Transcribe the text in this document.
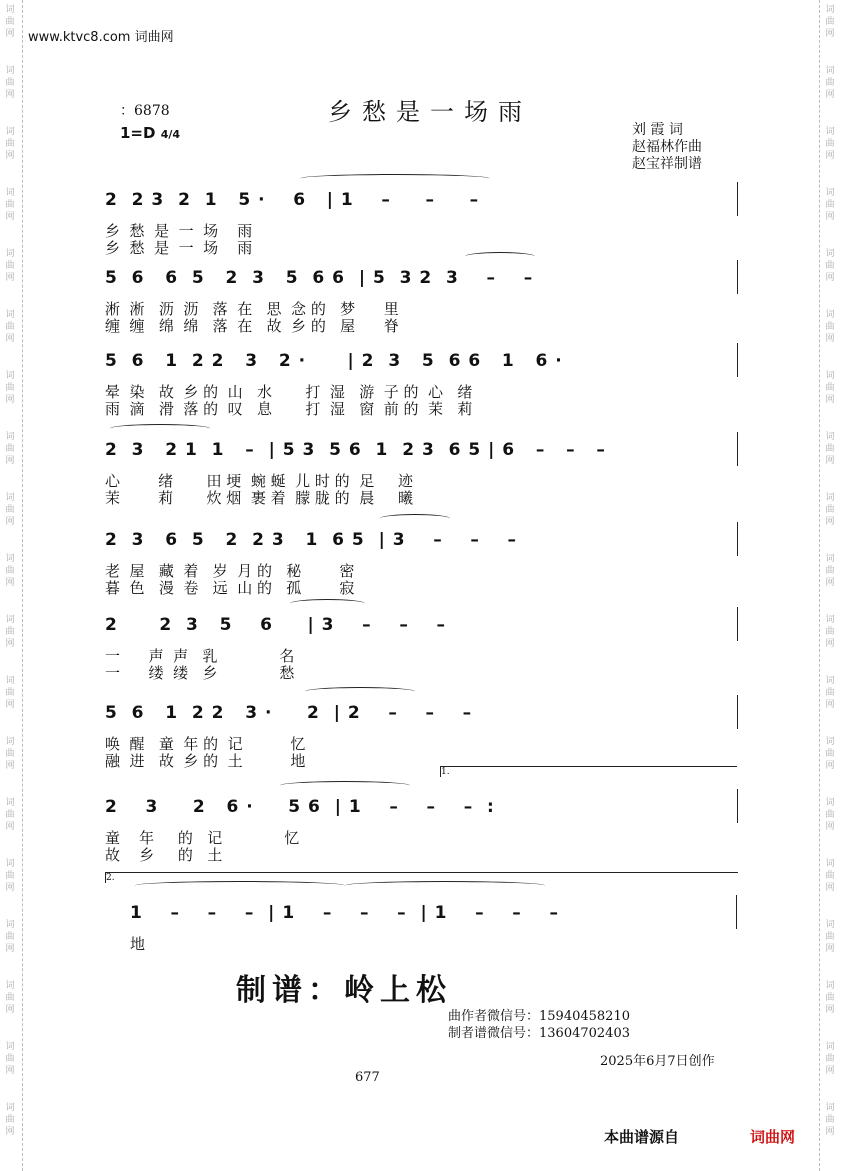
词
曲
网
词
曲
网
词
曲
网
词
曲
网
词
曲
网
词
曲
网
词
曲
网
词
曲
网
词
曲
网
词
曲
网
词
曲
网
词
曲
网
词
曲
网
词
曲
网
词
曲
网
词
曲
网
词
曲
网
词
曲
网
词
曲
网
词
曲
网
词
曲
网
词
曲
网
词
曲
网
词
曲
网
词
曲
网
词
曲
网
词
曲
网
词
曲
网
词
曲
网
词
曲
网
词
曲
网
词
曲
网
词
曲
网
词
曲
网
词
曲
网
词
曲
网
词
曲
网
词
曲
网
www.ktvc8.com 词曲网
乡愁是一场雨
：6878
1=D 4/4	刘 霞 词
赵福林作曲
赵宝祥制谱
2  2 3  2  1   5 ·    6   | 1    –     –     –
乡  愁  是  一  场    雨
乡  愁  是  一  场    雨
5  6   6  5   2  3   5  6 6  | 5  3 2  3    –    –
淅  淅   沥  沥   落  在   思  念 的   梦      里
缠  缠   绵  绵   落  在   故  乡 的   屋      脊
5  6   1  2 2   3   2 ·      | 2  3   5  6 6   1   6 ·
晕  染   故  乡 的  山   水       打  湿   游  子 的  心   绪
雨  滴   滑  落 的  叹   息       打  湿   窗  前 的  茉   莉
2  3   2 1  1   –  | 5 3  5 6  1  2 3  6 5 | 6   –   –   –
心        绪       田 埂  蜿 蜒  儿 时 的  足     迹
茉        莉       炊 烟  裹 着  朦 胧 的  晨     曦
2  3   6  5   2  2 3   1  6 5  | 3    –    –    –
老  屋   藏  着   岁  月 的   秘        密
暮  色   漫  卷   远  山 的   孤        寂
2      2  3   5    6     | 3    –    –    –
一      声  声   乳             名
一      缕  缕   乡             愁
5  6   1  2 2   3 ·     2  | 2    –    –    –
唤  醒   童  年 的  记          忆
融  进   故  乡 的  土          地
1.
2    3     2   6 ·     5 6  | 1    –    –    –  :
童    年     的   记             忆
故    乡     的   土
2.
1    –    –    –  | 1    –    –    –  | 1    –    –    –
地
制谱：岭上松
曲作者微信号：15940458210
制者谱微信号：13604702403
2025年6月7日创作
677
本曲谱源自	词曲网
